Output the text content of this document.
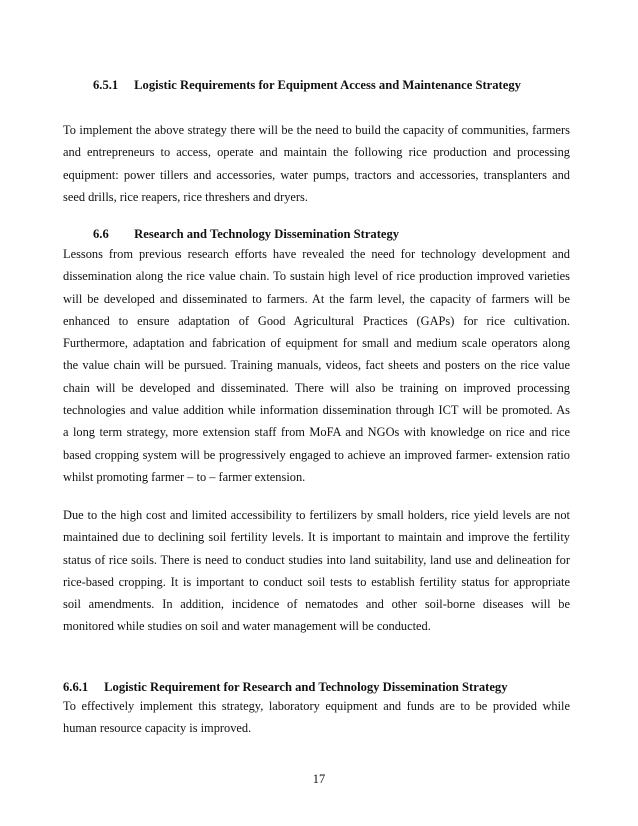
6.5.1 Logistic Requirements for Equipment Access and Maintenance Strategy
To implement the above strategy there will be the need to build the capacity of communities, farmers
and entrepreneurs to access, operate and maintain the following rice production and processing
equipment: power tillers and accessories, water pumps, tractors and accessories, transplanters and
seed drills, rice reapers, rice threshers and dryers.
6.6 Research and Technology Dissemination Strategy
Lessons from previous research efforts have revealed the need for technology development and
dissemination along the rice value chain. To sustain high level of rice production improved varieties
will be developed and disseminated to farmers. At the farm level, the capacity of farmers will be
enhanced to ensure adaptation of Good Agricultural Practices (GAPs) for rice cultivation.
Furthermore, adaptation and fabrication of equipment for small and medium scale operators along
the value chain will be pursued. Training manuals, videos, fact sheets and posters on the rice value
chain will be developed and disseminated. There will also be training on improved processing
technologies and value addition while information dissemination through ICT will be promoted. As
a long term strategy, more extension staff from MoFA and NGOs with knowledge on rice and rice
based cropping system will be progressively engaged to achieve an improved farmer- extension ratio
whilst promoting farmer – to – farmer extension.
Due to the high cost and limited accessibility to fertilizers by small holders, rice yield levels are not
maintained due to declining soil fertility levels. It is important to maintain and improve the fertility
status of rice soils. There is need to conduct studies into land suitability, land use and delineation for
rice-based cropping. It is important to conduct soil tests to establish fertility status for appropriate
soil amendments. In addition, incidence of nematodes and other soil-borne diseases will be
monitored while studies on soil and water management will be conducted.
6.6.1 Logistic Requirement for Research and Technology Dissemination Strategy
To effectively implement this strategy, laboratory equipment and funds are to be provided while
human resource capacity is improved.
17
